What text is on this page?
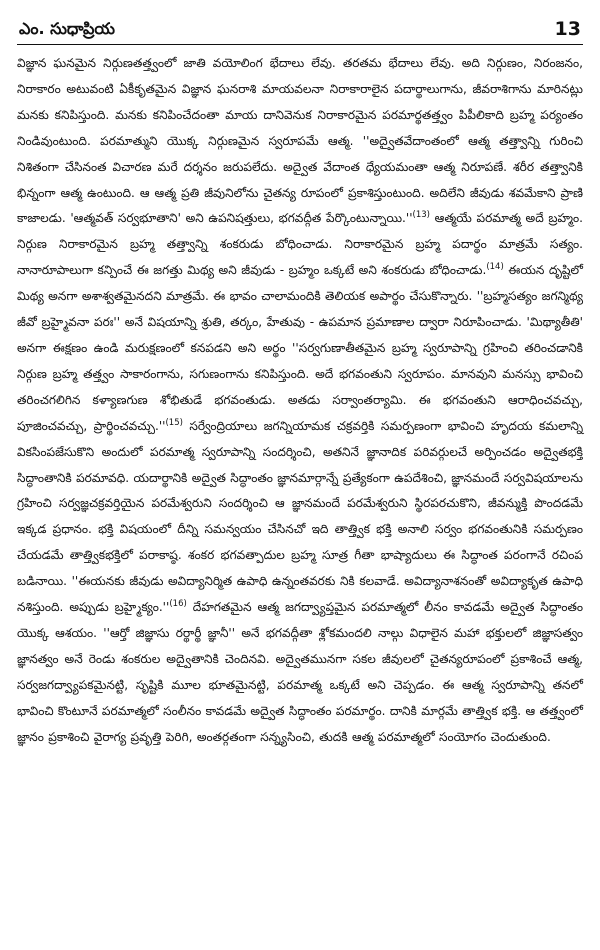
ఎం. సుధాప్రియ	13

విజ్ఞాన ఘనమైన నిర్గుణతత్త్వంలో జాతి వయోలింగ భేదాలు లేవు. తరతమ భేదాలు లేవు. అది నిర్గుణం, నిరంజనం, నిరాకారం అటువంటి ఏకీకృతమైన విజ్ఞాన ఘనరాశి మాయవలనా నిరాకారాలైన పదార్థాలుగాను, జీవరాశిగాను మారినట్లు మనకు కనిపిస్తుంది. మనకు కనిపించేదంతా మాయ దానివెనుక నిరాకారమైన పరమార్థతత్త్వం పిపీలికాది బ్రహ్మ పర్యంతం నిండివుంటుంది. పరమాత్ముని యొక్క నిర్గుణమైన స్వరూపమే ఆత్మ. ''అద్వైతవేదాంతంలో ఆత్మ తత్త్వాన్ని గురించి నిశితంగా చేసినంత విచారణ మరే దర్శనం జరుపలేదు. అద్వైత వేదాంత ధ్యేయమంతా ఆత్మ నిరూపణే. శరీర తత్త్వానికి భిన్నంగా ఆత్మ ఉంటుంది. ఆ ఆత్మ ప్రతి జీవునిలోను చైతన్య రూపంలో ప్రకాశిస్తుంటుంది. అదిలేని జీవుడు శవమేకాని ప్రాణి కాజాలడు. 'ఆత్మవత్ సర్వభూతాని' అని ఉపనిషత్తులు, భగవద్గీత $పేర్కొంటున్నాయి.''^{(13)}$ ఆత్మయే పరమాత్మ అదే బ్రహ్మం. నిర్గుణ నిరాకారమైన బ్రహ్మ తత్త్వాన్ని శంకరుడు బోధించాడు. నిరాకారమైన బ్రహ్మ పదార్థం మాత్రమే సత్యం. నానారూపాలుగా కన్పించే ఈ జగత్తు మిథ్య అని జీవుడు - బ్రహ్మం ఒక్కటే అని శంకరుడు బోధించాడు.$^{(14)}$ ఈయన దృష్టిలో మిథ్య అనగా అశాశ్వతమైనదని మాత్రమే. ఈ భావం చాలామందికి తెలియక అపార్థం చేసుకొన్నారు. ''బ్రహ్మసత్యం జగన్మిథ్య జీవో బ్రహ్మైవనా పరః'' అనే విషయాన్ని శ్రుతి, తర్కం, హేతువు - ఉపమాన ప్రమాణాల ద్వారా నిరూపించాడు. 'మిథ్యాతీతి' అనగా ఈక్షణం ఉండి మరుక్షణంలో కనపడని అని అర్థం ''సర్వగుణాతీతమైన బ్రహ్మ స్వరూపాన్ని గ్రహించి తరించడానికి నిర్గుణ బ్రహ్మ తత్త్వం సాకారంగాను, సగుణంగాను కనిపిస్తుంది. అదే భగవంతుని స్వరూపం. మానవుని మనస్సు భావించి తరించగలిగిన కళ్యాణగుణ శోభితుడే భగవంతుడు. అతడు సర్వాంతర్యామి. ఈ భగవంతుని ఆరాధించవచ్చు, పూజించవచ్చు, $ప్రార్థించవచ్చు.''^{(15)}$ సర్వేంద్రియాలు జగన్నియామక చక్రవర్తికి సమర్పణంగా భావించి హృదయ కమలాన్ని వికసింపజేసుకొని అందులో పరమాత్మ స్వరూపాన్ని సందర్శించి, అతనినే జ్ఞానాదిక పరివర్గులచే అర్పించడం అద్వైతభక్తి సిద్ధాంతానికి పరమావధి. యదార్థానికి అద్వైత సిద్ధాంతం జ్ఞానమార్గాన్నే ప్రత్యేకంగా ఉపదేశించి, జ్ఞానమందే సర్వవిషయాలను గ్రహించి సర్వజ్ఞచక్రవర్తియైన పరమేశ్వరుని సందర్శించి ఆ జ్ఞానమందే పరమేశ్వరుని స్థిరపరచుకొని, జీవన్ముక్తి పొందడమే ఇక్కడ ప్రధానం. భక్తి విషయంలో దీన్ని సమన్వయం చేసినచో ఇది తాత్త్విక భక్తి అనాలి సర్వం భగవంతునికి సమర్పణం చేయడమే తాత్త్వికభక్తిలో పరాకాష్ఠ. శంకర భగవత్పాదుల బ్రహ్మ సూత్ర గీతా భాష్యాదులు ఈ సిద్ధాంత పరంగానే రచింప బడినాయి. ''ఈయనకు జీవుడు అవిద్యానిర్మిత ఉపాధి ఉన్నంతవరకు నికి కలవాడే. అవిద్యానాశనంతో అవిద్యాకృత ఉపాధి నశిస్తుంది. అప్పుడు $బ్రహ్మైక్యం.''^{(16)}$ దేహగతమైన ఆత్మ జగద్వ్యాప్తమైన పరమాత్మలో లీనం కావడమే అద్వైత సిద్ధాంతం యొక్క ఆశయం. ''ఆర్తో జిజ్ఞాసు రర్థార్థీ జ్ఞానీ'' అనే భగవద్గీతా శ్లోకమందలి నాల్గు విధాలైన మహా భక్తులలో జిజ్ఞాసత్వం జ్ఞానత్వం అనే రెండు శంకరుల అద్వైతానికి చెందినవి. అద్వైతమునగా సకల జీవులలో చైతన్యరూపంలో ప్రకాశించే ఆత్మ, సర్వజగద్వ్యాపకమైనట్టి, సృష్టికి మూల భూతమైనట్టి, పరమాత్మ ఒక్కటే అని చెప్పడం. ఈ ఆత్మ స్వరూపాన్ని తనలో భావించి కొంటూనే పరమాత్మలో సంలీనం కావడమే అద్వైత సిద్ధాంతం పరమార్థం. దానికి మార్గమే తాత్త్విక భక్తి. ఆ తత్త్వంలో జ్ఞానం ప్రకాశించి వైరాగ్య ప్రవృత్తి పెరిగి, అంతర్గతంగా సన్న్యసించి, తుదకి ఆత్మ పరమాత్మలో సంయోగం చెందుతుంది.
